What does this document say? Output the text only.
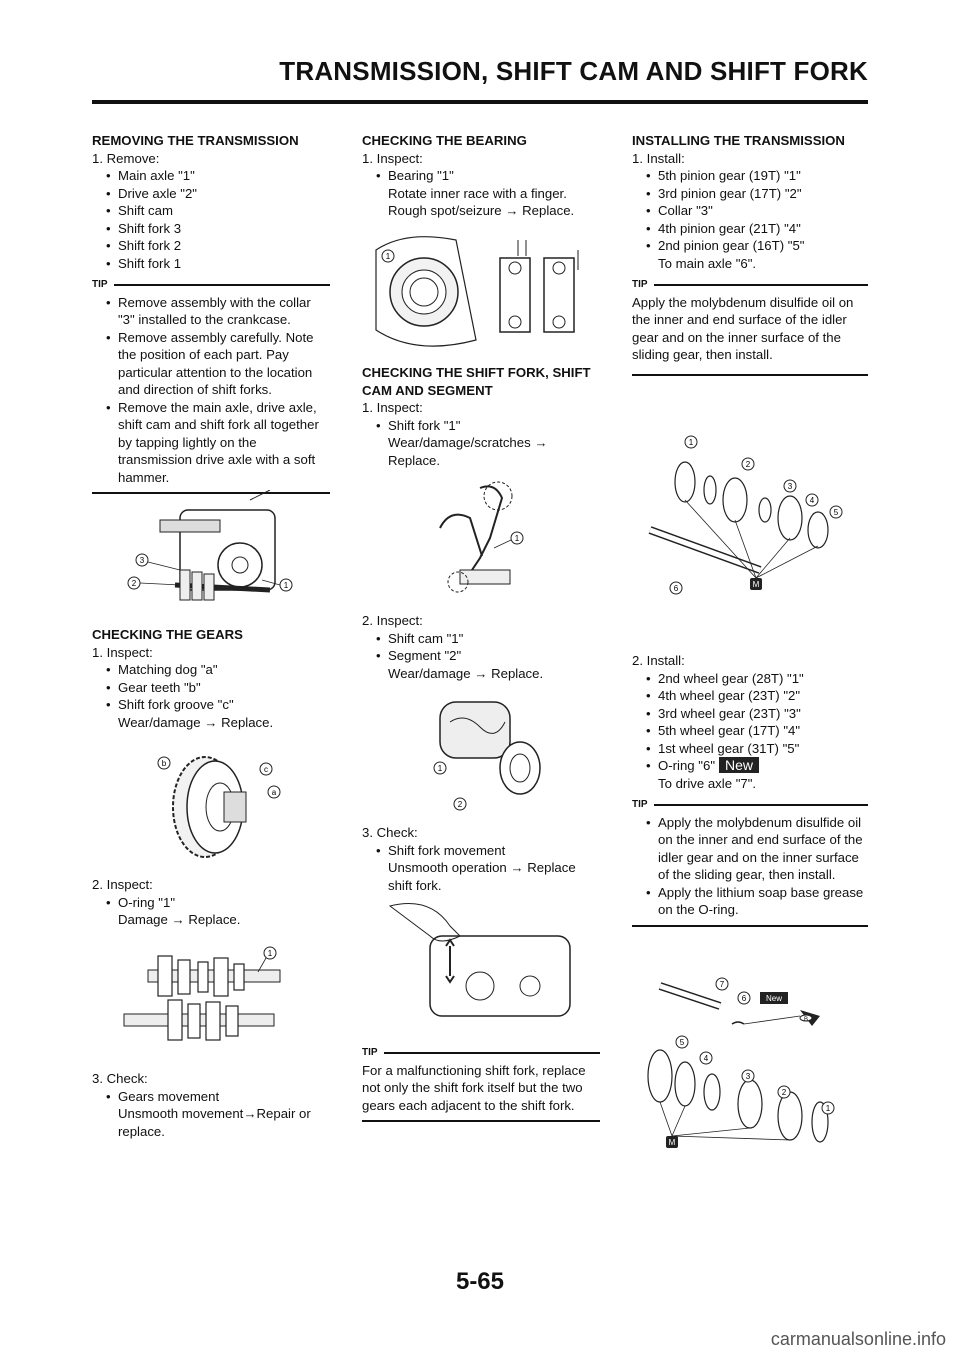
TRANSMISSION, SHIFT CAM AND SHIFT FORK
REMOVING THE TRANSMISSION
1. Remove:
• Main axle "1"
• Drive axle "2"
• Shift cam
• Shift fork 3
• Shift fork 2
• Shift fork 1
TIP
• Remove assembly with the collar "3" installed to the crankcase.
• Remove assembly carefully. Note the position of each part. Pay particular attention to the location and direction of shift forks.
• Remove the main axle, drive axle, shift cam and shift fork all together by tapping lightly on the transmission drive axle with a soft hammer.
3
2	1
CHECKING THE GEARS
1. Inspect:
• Matching dog "a"
• Gear teeth "b"
• Shift fork groove "c"
Wear/damage → Replace.
b
c
a
2. Inspect:
• O-ring "1"
Damage → Replace.
1
3. Check:
• Gears movement
Unsmooth movement→Repair or replace.
CHECKING THE BEARING
1. Inspect:
• Bearing "1"
Rotate inner race with a finger.
Rough spot/seizure → Replace.
1
CHECKING THE SHIFT FORK, SHIFT CAM AND SEGMENT
1. Inspect:
• Shift fork "1"
Wear/damage/scratches → Replace.
1
2. Inspect:
• Shift cam "1"
• Segment "2"
Wear/damage → Replace.
1
2
3. Check:
• Shift fork movement
Unsmooth operation → Replace shift fork.
TIP
For a malfunctioning shift fork, replace not only the shift fork itself but the two gears each adjacent to the shift fork.
INSTALLING THE TRANSMISSION
1. Install:
• 5th pinion gear (19T) "1"
• 3rd pinion gear (17T) "2"
• Collar "3"
• 4th pinion gear (21T) "4"
• 2nd pinion gear (16T) "5"
To main axle "6".
TIP
Apply the molybdenum disulfide oil on the inner and end surface of the idler gear and on the inner surface of the sliding gear, then install.
1
2
3
4
5
6	M
2. Install:
• 2nd wheel gear (28T) "1"
• 4th wheel gear (23T) "2"
• 3rd wheel gear (23T) "3"
• 5th wheel gear (17T) "4"
• 1st wheel gear (31T) "5"
• O-ring "6" New
To drive axle "7".
TIP
• Apply the molybdenum disulfide oil on the inner and end surface of the idler gear and on the inner surface of the sliding gear, then install.
• Apply the lithium soap base grease on the O-ring.
B
7
6 New
5
4
3
2
1
M
5-65
carmanualsonline.info
